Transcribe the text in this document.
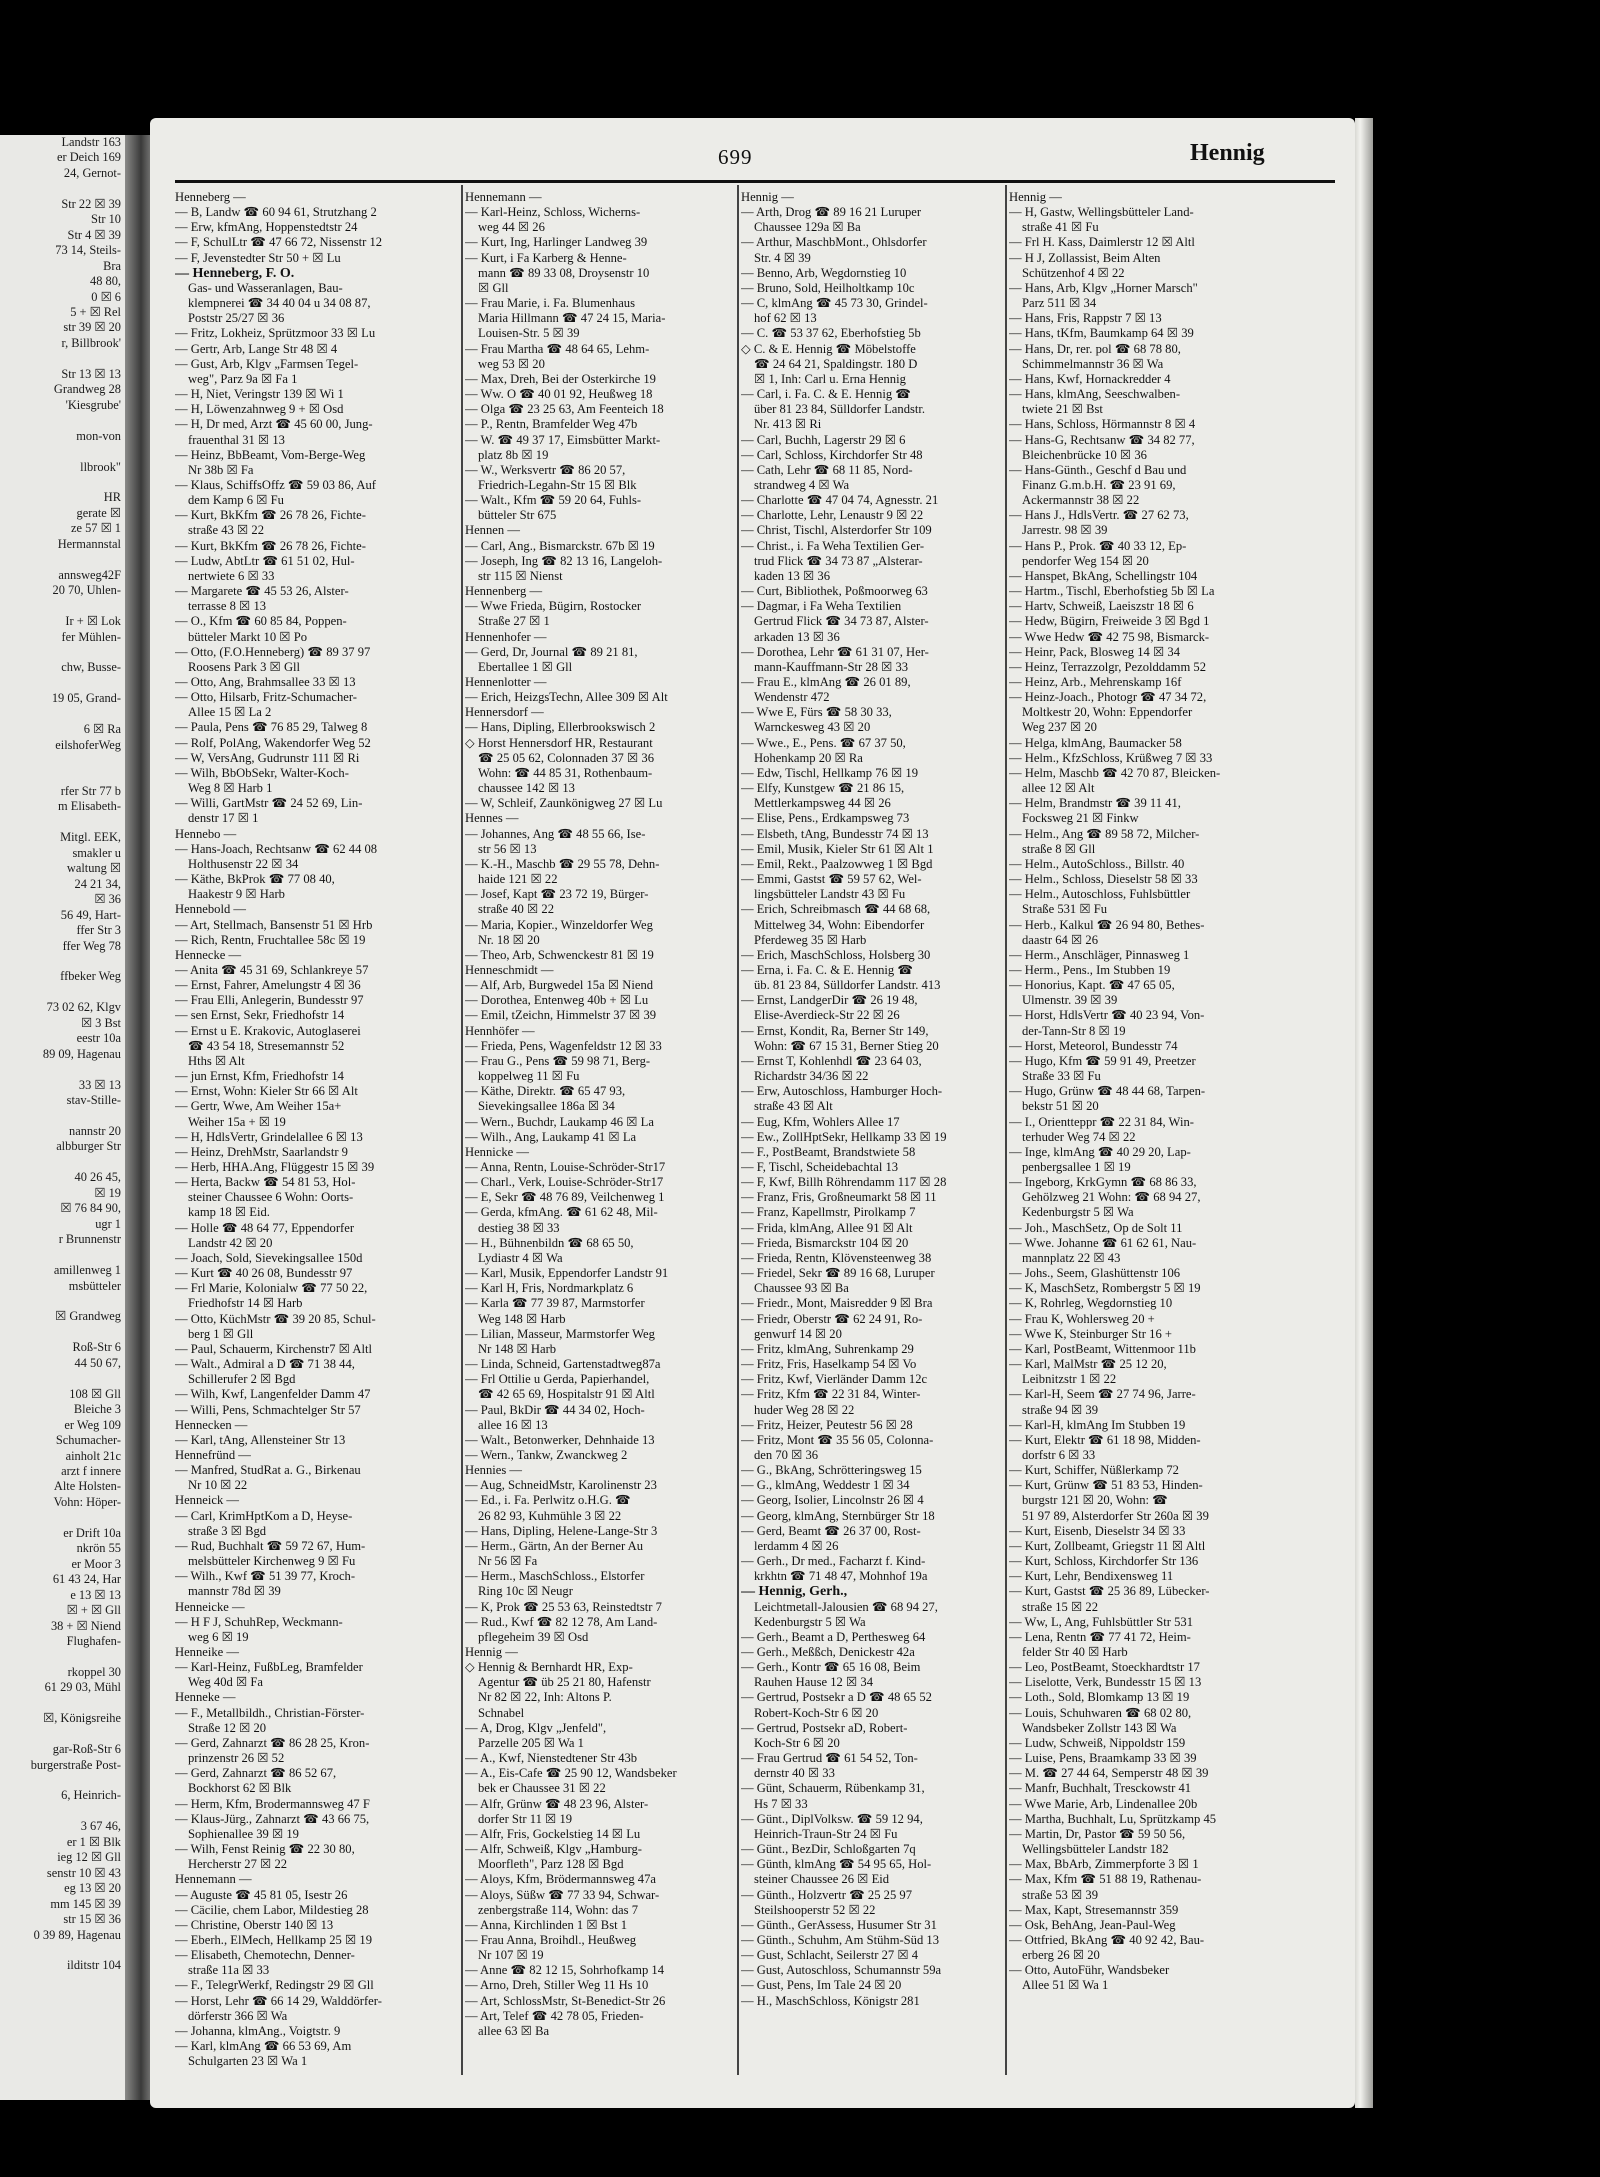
Landstr 163
er Deich 169
24, Gernot-

Str 22 ☒ 39
Str 10
Str 4 ☒ 39
73 14, Steils-
Bra
48 80,
0 ☒ 6
5 + ☒ Rel
str 39 ☒ 20
r, Billbrook'

Str 13 ☒ 13
Grandweg 28
'Kiesgrube'

mon-von

llbrook"

HR
gerate ☒
ze 57 ☒ 1
Hermannstal

annsweg42F
20 70, Uhlen-

Ir + ☒ Lok
fer Mühlen-

chw, Busse-

19 05, Grand-

6 ☒ Ra
eilshoferWeg

rfer Str 77 b
m Elisabeth-

Mitgl. EEK,
smakler u
waltung ☒
24 21 34,
☒ 36
56 49, Hart-
ffer Str 3
ffer Weg 78

ffbeker Weg

73 02 62, Klgv
☒ 3 Bst
eestr 10a
89 09, Hagenau

33 ☒ 13
stav-Stille-

nannstr 20
albburger Str

40 26 45,
☒ 19
☒ 76 84 90,
ugr 1
r Brunnenstr

amillenweg 1
msbütteler

☒ Grandweg

Roß-Str 6
44 50 67,

108 ☒ Gll
Bleiche 3
er Weg 109
Schumacher-
ainholt 21c
arzt f innere
Alte Holsten-
Vohn: Höper-

er Drift 10a
nkrön 55
er Moor 3
61 43 24, Har
e 13 ☒ 13
☒ + ☒ Gll
38 + ☒ Niend
Flughafen-

rkoppel 30
61 29 03, Mühl

☒, Königsreihe

gar-Roß-Str 6
burgerstraße Post-

6, Heinrich-

3 67 46,
er 1 ☒ Blk
ieg 12 ☒ Gll
senstr 10 ☒ 43
eg 13 ☒ 20
mm 145 ☒ 39
str 15 ☒ 36
0 39 89, Hagenau

ilditstr 104
699	Hennig
Henneberg —
— B, Landw ☎ 60 94 61, Strutzhang 2
— Erw, kfmAng, Hoppenstedtstr 24
— F, SchulLtr ☎ 47 66 72, Nissenstr 12
— F, Jevenstedter Str 50 + ☒ Lu
— Henneberg, F. O.
Gas- und Wasseranlagen, Bau-
klempnerei ☎ 34 40 04 u 34 08 87,
Poststr 25/27 ☒ 36
— Fritz, Lokheiz, Sprützmoor 33 ☒ Lu
— Gertr, Arb, Lange Str 48 ☒ 4
— Gust, Arb, Klgv „Farmsen Tegel-
weg", Parz 9a ☒ Fa 1
— H, Niet, Veringstr 139 ☒ Wi 1
— H, Löwenzahnweg 9 + ☒ Osd
— H, Dr med, Arzt ☎ 45 60 00, Jung-
frauenthal 31 ☒ 13
— Heinz, BbBeamt, Vom-Berge-Weg
Nr 38b ☒ Fa
— Klaus, SchiffsOffz ☎ 59 03 86, Auf
dem Kamp 6 ☒ Fu
— Kurt, BkKfm ☎ 26 78 26, Fichte-
straße 43 ☒ 22
— Kurt, BkKfm ☎ 26 78 26, Fichte-
— Ludw, AbtLtr ☎ 61 51 02, Hul-
nertwiete 6 ☒ 33
— Margarete ☎ 45 53 26, Alster-
terrasse 8 ☒ 13
— O., Kfm ☎ 60 85 84, Poppen-
bütteler Markt 10 ☒ Po
— Otto, (F.O.Henneberg) ☎ 89 37 97
Roosens Park 3 ☒ Gll
— Otto, Ang, Brahmsallee 33 ☒ 13
— Otto, Hilsarb, Fritz-Schumacher-
Allee 15 ☒ La 2
— Paula, Pens ☎ 76 85 29, Talweg 8
— Rolf, PolAng, Wakendorfer Weg 52
— W, VersAng, Gudrunstr 111 ☒ Ri
— Wilh, BbObSekr, Walter-Koch-
Weg 8 ☒ Harb 1
— Willi, GartMstr ☎ 24 52 69, Lin-
denstr 17 ☒ 1
Hennebo —
— Hans-Joach, Rechtsanw ☎ 62 44 08
Holthusenstr 22 ☒ 34
— Käthe, BkProk ☎ 77 08 40,
Haakestr 9 ☒ Harb
Hennebold —
— Art, Stellmach, Bansenstr 51 ☒ Hrb
— Rich, Rentn, Fruchtallee 58c ☒ 19
Hennecke —
— Anita ☎ 45 31 69, Schlankreye 57
— Ernst, Fahrer, Amelungstr 4 ☒ 36
— Frau Elli, Anlegerin, Bundesstr 97
— sen Ernst, Sekr, Friedhofstr 14
— Ernst u E. Krakovic, Autoglaserei
☎ 43 54 18, Stresemannstr 52
Hths ☒ Alt
— jun Ernst, Kfm, Friedhofstr 14
— Ernst, Wohn: Kieler Str 66 ☒ Alt
— Gertr, Wwe, Am Weiher 15a+
Weiher 15a + ☒ 19
— H, HdlsVertr, Grindelallee 6 ☒ 13
— Heinz, DrehMstr, Saarlandstr 9
— Herb, HHA.Ang, Flüggestr 15 ☒ 39
— Herta, Backw ☎ 54 81 53, Hol-
steiner Chaussee 6 Wohn: Oorts-
kamp 18 ☒ Eid.
— Holle ☎ 48 64 77, Eppendorfer
Landstr 42 ☒ 20
— Joach, Sold, Sievekingsallee 150d
— Kurt ☎ 40 26 08, Bundesstr 97
— Frl Marie, Kolonialw ☎ 77 50 22,
Friedhofstr 14 ☒ Harb
— Otto, KüchMstr ☎ 39 20 85, Schul-
berg 1 ☒ Gll
— Paul, Schauerm, Kirchenstr7 ☒ Altl
— Walt., Admiral a D ☎ 71 38 44,
Schillerufer 2 ☒ Bgd
— Wilh, Kwf, Langenfelder Damm 47
— Willi, Pens, Schmachtelger Str 57
Hennecken —
— Karl, tAng, Allensteiner Str 13
Hennefründ —
— Manfred, StudRat a. G., Birkenau
Nr 10 ☒ 22
Henneick —
— Carl, KrimHptKom a D, Heyse-
straße 3 ☒ Bgd
— Rud, Buchhalt ☎ 59 72 67, Hum-
melsbütteler Kirchenweg 9 ☒ Fu
— Wilh., Kwf ☎ 51 39 77, Kroch-
mannstr 78d ☒ 39
Henneicke —
— H F J, SchuhRep, Weckmann-
weg 6 ☒ 19
Henneike —
— Karl-Heinz, FußbLeg, Bramfelder
Weg 40d ☒ Fa
Henneke —
— F., Metallbildh., Christian-Förster-
Straße 12 ☒ 20
— Gerd, Zahnarzt ☎ 86 28 25, Kron-
prinzenstr 26 ☒ 52
— Gerd, Zahnarzt ☎ 86 52 67,
Bockhorst 62 ☒ Blk
— Herm, Kfm, Brodermannsweg 47 F
— Klaus-Jürg., Zahnarzt ☎ 43 66 75,
Sophienallee 39 ☒ 19
— Wilh, Fenst Reinig ☎ 22 30 80,
Hercherstr 27 ☒ 22
Hennemann —
— Auguste ☎ 45 81 05, Isestr 26
— Cäcilie, chem Labor, Mildestieg 28
— Christine, Oberstr 140 ☒ 13
— Eberh., ElMech, Hellkamp 25 ☒ 19
— Elisabeth, Chemotechn, Denner-
straße 11a ☒ 33
— F., TelegrWerkf, Redingstr 29 ☒ Gll
— Horst, Lehr ☎ 66 14 29, Walddörfer-
dörferstr 366 ☒ Wa
— Johanna, klmAng., Voigtstr. 9
— Karl, klmAng ☎ 66 53 69, Am
Schulgarten 23 ☒ Wa 1
Hennemann —
— Karl-Heinz, Schloss, Wicherns-
weg 44 ☒ 26
— Kurt, Ing, Harlinger Landweg 39
— Kurt, i Fa Karberg & Henne-
mann ☎ 89 33 08, Droysenstr 10
☒ Gll
— Frau Marie, i. Fa. Blumenhaus
Maria Hillmann ☎ 47 24 15, Maria-
Louisen-Str. 5 ☒ 39
— Frau Martha ☎ 48 64 65, Lehm-
weg 53 ☒ 20
— Max, Dreh, Bei der Osterkirche 19
— Ww. O ☎ 40 01 92, Heußweg 18
— Olga ☎ 23 25 63, Am Feenteich 18
— P., Rentn, Bramfelder Weg 47b
— W. ☎ 49 37 17, Eimsbütter Markt-
platz 8b ☒ 19
— W., Werksvertr ☎ 86 20 57,
Friedrich-Legahn-Str 15 ☒ Blk
— Walt., Kfm ☎ 59 20 64, Fuhls-
bütteler Str 675
Hennen —
— Carl, Ang., Bismarckstr. 67b ☒ 19
— Joseph, Ing ☎ 82 13 16, Langeloh-
str 115 ☒ Nienst
Hennenberg —
— Wwe Frieda, Bügirn, Rostocker
Straße 27 ☒ 1
Hennenhofer —
— Gerd, Dr, Journal ☎ 89 21 81,
Ebertallee 1 ☒ Gll
Hennenlotter —
— Erich, HeizgsTechn, Allee 309 ☒ Alt
Hennersdorf —
— Hans, Dipling, Ellerbrookswisch 2
◇ Horst Hennersdorf HR, Restaurant
☎ 25 05 62, Colonnaden 37 ☒ 36
Wohn: ☎ 44 85 31, Rothenbaum-
chaussee 142 ☒ 13
— W, Schleif, Zaunkönigweg 27 ☒ Lu
Hennes —
— Johannes, Ang ☎ 48 55 66, Ise-
str 56 ☒ 13
— K.-H., Maschb ☎ 29 55 78, Dehn-
haide 121 ☒ 22
— Josef, Kapt ☎ 23 72 19, Bürger-
straße 40 ☒ 22
— Maria, Kopier., Winzeldorfer Weg
Nr. 18 ☒ 20
— Theo, Arb, Schwenckestr 81 ☒ 19
Henneschmidt —
— Alf, Arb, Burgwedel 15a ☒ Niend
— Dorothea, Entenweg 40b + ☒ Lu
— Emil, tZeichn, Himmelstr 37 ☒ 39
Hennhöfer —
— Frieda, Pens, Wagenfeldstr 12 ☒ 33
— Frau G., Pens ☎ 59 98 71, Berg-
koppelweg 11 ☒ Fu
— Käthe, Direktr. ☎ 65 47 93,
Sievekingsallee 186a ☒ 34
— Wern., Buchdr, Laukamp 46 ☒ La
— Wilh., Ang, Laukamp 41 ☒ La
Hennicke —
— Anna, Rentn, Louise-Schröder-Str17
— Charl., Verk, Louise-Schröder-Str17
— E, Sekr ☎ 48 76 89, Veilchenweg 1
— Gerda, kfmAng. ☎ 61 62 48, Mil-
destieg 38 ☒ 33
— H., Bühnenbildn ☎ 68 65 50,
Lydiastr 4 ☒ Wa
— Karl, Musik, Eppendorfer Landstr 91
— Karl H, Fris, Nordmarkplatz 6
— Karla ☎ 77 39 87, Marmstorfer
Weg 148 ☒ Harb
— Lilian, Masseur, Marmstorfer Weg
Nr 148 ☒ Harb
— Linda, Schneid, Gartenstadtweg87a
— Frl Ottilie u Gerda, Papierhandel,
☎ 42 65 69, Hospitalstr 91 ☒ Altl
— Paul, BkDir ☎ 44 34 02, Hoch-
allee 16 ☒ 13
— Walt., Betonwerker, Dehnhaide 13
— Wern., Tankw, Zwanckweg 2
Hennies —
— Aug, SchneidMstr, Karolinenstr 23
— Ed., i. Fa. Perlwitz o.H.G. ☎
26 82 93, Kuhmühle 3 ☒ 22
— Hans, Dipling, Helene-Lange-Str 3
— Herm., Gärtn, An der Berner Au
Nr 56 ☒ Fa
— Herm., MaschSchloss., Elstorfer
Ring 10c ☒ Neugr
— K, Prok ☎ 25 53 63, Reinstedtstr 7
— Rud., Kwf ☎ 82 12 78, Am Land-
pflegeheim 39 ☒ Osd
Hennig —
◇ Hennig & Bernhardt HR, Exp-
Agentur ☎ üb 25 21 80, Hafenstr
Nr 82 ☒ 22, Inh: Altons P.
Schnabel
— A, Drog, Klgv „Jenfeld",
Parzelle 205 ☒ Wa 1
— A., Kwf, Nienstedtener Str 43b
— A., Eis-Cafe ☎ 25 90 12, Wandsbeker
bek er Chaussee 31 ☒ 22
— Alfr, Grünw ☎ 48 23 96, Alster-
dorfer Str 11 ☒ 19
— Alfr, Fris, Gockelstieg 14 ☒ Lu
— Alfr, Schweiß, Klgv „Hamburg-
Moorfleth", Parz 128 ☒ Bgd
— Aloys, Kfm, Brödermannsweg 47a
— Aloys, Süßw ☎ 77 33 94, Schwar-
zenbergstraße 114, Wohn: das 7
— Anna, Kirchlinden 1 ☒ Bst 1
— Frau Anna, Broihdl., Heußweg
Nr 107 ☒ 19
— Anne ☎ 82 12 15, Sohrhofkamp 14
— Arno, Dreh, Stiller Weg 11 Hs 10
— Art, SchlossMstr, St-Benedict-Str 26
— Art, Telef ☎ 42 78 05, Frieden-
allee 63 ☒ Ba
Hennig —
— Arth, Drog ☎ 89 16 21 Luruper
Chaussee 129a ☒ Ba
— Arthur, MaschbMont., Ohlsdorfer
Str. 4 ☒ 39
— Benno, Arb, Wegdornstieg 10
— Bruno, Sold, Heilholtkamp 10c
— C, klmAng ☎ 45 73 30, Grindel-
hof 62 ☒ 13
— C. ☎ 53 37 62, Eberhofstieg 5b
◇ C. & E. Hennig ☎ Möbelstoffe
☎ 24 64 21, Spaldingstr. 180 D
☒ 1, Inh: Carl u. Erna Hennig
— Carl, i. Fa. C. & E. Hennig ☎
über 81 23 84, Sülldorfer Landstr.
Nr. 413 ☒ Ri
— Carl, Buchh, Lagerstr 29 ☒ 6
— Carl, Schloss, Kirchdorfer Str 48
— Cath, Lehr ☎ 68 11 85, Nord-
strandweg 4 ☒ Wa
— Charlotte ☎ 47 04 74, Agnesstr. 21
— Charlotte, Lehr, Lenaustr 9 ☒ 22
— Christ, Tischl, Alsterdorfer Str 109
— Christ., i. Fa Weha Textilien Ger-
trud Flick ☎ 34 73 87 „Alsterar-
kaden 13 ☒ 36
— Curt, Bibliothek, Poßmoorweg 63
— Dagmar, i Fa Weha Textilien
Gertrud Flick ☎ 34 73 87, Alster-
arkaden 13 ☒ 36
— Dorothea, Lehr ☎ 61 31 07, Her-
mann-Kauffmann-Str 28 ☒ 33
— Frau E., klmAng ☎ 26 01 89,
Wendenstr 472
— Wwe E, Fürs ☎ 58 30 33,
Warnckesweg 43 ☒ 20
— Wwe., E., Pens. ☎ 67 37 50,
Hohenkamp 20 ☒ Ra
— Edw, Tischl, Hellkamp 76 ☒ 19
— Elfy, Kunstgew ☎ 21 86 15,
Mettlerkampsweg 44 ☒ 26
— Elise, Pens., Erdkampsweg 73
— Elsbeth, tAng, Bundesstr 74 ☒ 13
— Emil, Musik, Kieler Str 61 ☒ Alt 1
— Emil, Rekt., Paalzowweg 1 ☒ Bgd
— Emmi, Gastst ☎ 59 57 62, Wel-
lingsbütteler Landstr 43 ☒ Fu
— Erich, Schreibmasch ☎ 44 68 68,
Mittelweg 34, Wohn: Eibendorfer
Pferdeweg 35 ☒ Harb
— Erich, MaschSchloss, Holsberg 30
— Erna, i. Fa. C. & E. Hennig ☎
üb. 81 23 84, Sülldorfer Landstr. 413
— Ernst, LandgerDir ☎ 26 19 48,
Elise-Averdieck-Str 22 ☒ 26
— Ernst, Kondit, Ra, Berner Str 149,
Wohn: ☎ 67 15 31, Berner Stieg 20
— Ernst T, Kohlenhdl ☎ 23 64 03,
Richardstr 34/36 ☒ 22
— Erw, Autoschloss, Hamburger Hoch-
straße 43 ☒ Alt
— Eug, Kfm, Wohlers Allee 17
— Ew., ZollHptSekr, Hellkamp 33 ☒ 19
— F., PostBeamt, Brandstwiete 58
— F, Tischl, Scheidebachtal 13
— F, Kwf, Billh Röhrendamm 117 ☒ 28
— Franz, Fris, Großneumarkt 58 ☒ 11
— Franz, Kapellmstr, Pirolkamp 7
— Frida, klmAng, Allee 91 ☒ Alt
— Frieda, Bismarckstr 104 ☒ 20
— Frieda, Rentn, Klövensteenweg 38
— Friedel, Sekr ☎ 89 16 68, Luruper
Chaussee 93 ☒ Ba
— Friedr., Mont, Maisredder 9 ☒ Bra
— Friedr, Oberstr ☎ 62 24 91, Ro-
genwurf 14 ☒ 20
— Fritz, klmAng, Suhrenkamp 29
— Fritz, Fris, Haselkamp 54 ☒ Vo
— Fritz, Kwf, Vierländer Damm 12c
— Fritz, Kfm ☎ 22 31 84, Winter-
huder Weg 28 ☒ 22
— Fritz, Heizer, Peutestr 56 ☒ 28
— Fritz, Mont ☎ 35 56 05, Colonna-
den 70 ☒ 36
— G., BkAng, Schrötteringsweg 15
— G., klmAng, Weddestr 1 ☒ 34
— Georg, Isolier, Lincolnstr 26 ☒ 4
— Georg, klmAng, Sternbürger Str 18
— Gerd, Beamt ☎ 26 37 00, Rost-
lerdamm 4 ☒ 26
— Gerh., Dr med., Facharzt f. Kind-
krkhtn ☎ 71 48 47, Mohnhof 19a
— Hennig, Gerh.,
Leichtmetall-Jalousien ☎ 68 94 27,
Kedenburgstr 5 ☒ Wa
— Gerh., Beamt a D, Perthesweg 64
— Gerh., Meßßch, Denickestr 42a
— Gerh., Kontr ☎ 65 16 08, Beim
Rauhen Hause 12 ☒ 34
— Gertrud, Postsekr a D ☎ 48 65 52
Robert-Koch-Str 6 ☒ 20
— Gertrud, Postsekr aD, Robert-
Koch-Str 6 ☒ 20
— Frau Gertrud ☎ 61 54 52, Ton-
dernstr 40 ☒ 33
— Günt, Schauerm, Rübenkamp 31,
Hs 7 ☒ 33
— Günt., DiplVolksw. ☎ 59 12 94,
Heinrich-Traun-Str 24 ☒ Fu
— Günt., BezDir, Schloßgarten 7q
— Günth, klmAng ☎ 54 95 65, Hol-
steiner Chaussee 26 ☒ Eid
— Günth., Holzvertr ☎ 25 25 97
Steilshooperstr 52 ☒ 22
— Günth., GerAssess, Husumer Str 31
— Günth., Schuhm, Am Stühm-Süd 13
— Gust, Schlacht, Seilerstr 27 ☒ 4
— Gust, Autoschloss, Schumannstr 59a
— Gust, Pens, Im Tale 24 ☒ 20
— H., MaschSchloss, Königstr 281
Hennig —
— H, Gastw, Wellingsbütteler Land-
straße 41 ☒ Fu
— Frl H. Kass, Daimlerstr 12 ☒ Altl
— H J, Zollassist, Beim Alten
Schützenhof 4 ☒ 22
— Hans, Arb, Klgv „Horner Marsch"
Parz 511 ☒ 34
— Hans, Fris, Rappstr 7 ☒ 13
— Hans, tKfm, Baumkamp 64 ☒ 39
— Hans, Dr, rer. pol ☎ 68 78 80,
Schimmelmannstr 36 ☒ Wa
— Hans, Kwf, Hornackredder 4
— Hans, klmAng, Seeschwalben-
twiete 21 ☒ Bst
— Hans, Schloss, Hörmannstr 8 ☒ 4
— Hans-G, Rechtsanw ☎ 34 82 77,
Bleichenbrücke 10 ☒ 36
— Hans-Günth., Geschf d Bau und
Finanz G.m.b.H. ☎ 23 91 69,
Ackermannstr 38 ☒ 22
— Hans J., HdlsVertr. ☎ 27 62 73,
Jarrestr. 98 ☒ 39
— Hans P., Prok. ☎ 40 33 12, Ep-
pendorfer Weg 154 ☒ 20
— Hanspet, BkAng, Schellingstr 104
— Hartm., Tischl, Eberhofstieg 5b ☒ La
— Hartv, Schweiß, Laeiszstr 18 ☒ 6
— Hedw, Bügirn, Freiweide 3 ☒ Bgd 1
— Wwe Hedw ☎ 42 75 98, Bismarck-
— Heinr, Pack, Blosweg 14 ☒ 34
— Heinz, Terrazzolgr, Pezolddamm 52
— Heinz, Arb., Mehrenskamp 16f
— Heinz-Joach., Photogr ☎ 47 34 72,
Moltkestr 20, Wohn: Eppendorfer
Weg 237 ☒ 20
— Helga, klmAng, Baumacker 58
— Helm., KfzSchloss, Krüßweg 7 ☒ 33
— Helm, Maschb ☎ 42 70 87, Bleicken-
allee 12 ☒ Alt
— Helm, Brandmstr ☎ 39 11 41,
Focksweg 21 ☒ Finkw
— Helm., Ang ☎ 89 58 72, Milcher-
straße 8 ☒ Gll
— Helm., AutoSchloss., Billstr. 40
— Helm., Schloss, Dieselstr 58 ☒ 33
— Helm., Autoschloss, Fuhlsbüttler
Straße 531 ☒ Fu
— Herb., Kalkul ☎ 26 94 80, Bethes-
daastr 64 ☒ 26
— Herm., Anschläger, Pinnasweg 1
— Herm., Pens., Im Stubben 19
— Honorius, Kapt. ☎ 47 65 05,
Ulmenstr. 39 ☒ 39
— Horst, HdlsVertr ☎ 40 23 94, Von-
der-Tann-Str 8 ☒ 19
— Horst, Meteorol, Bundesstr 74
— Hugo, Kfm ☎ 59 91 49, Preetzer
Straße 33 ☒ Fu
— Hugo, Grünw ☎ 48 44 68, Tarpen-
bekstr 51 ☒ 20
— I., Orientteppr ☎ 22 31 84, Win-
terhuder Weg 74 ☒ 22
— Inge, klmAng ☎ 40 29 20, Lap-
penbergsallee 1 ☒ 19
— Ingeborg, KrkGymn ☎ 68 86 33,
Gehölzweg 21 Wohn: ☎ 68 94 27,
Kedenburgstr 5 ☒ Wa
— Joh., MaschSetz, Op de Solt 11
— Wwe. Johanne ☎ 61 62 61, Nau-
mannplatz 22 ☒ 43
— Johs., Seem, Glashüttenstr 106
— K, MaschSetz, Rombergstr 5 ☒ 19
— K, Rohrleg, Wegdornstieg 10
— Frau K, Wohlersweg 20 +
— Wwe K, Steinburger Str 16 +
— Karl, PostBeamt, Wittenmoor 11b
— Karl, MalMstr ☎ 25 12 20,
Leibnitzstr 1 ☒ 22
— Karl-H, Seem ☎ 27 74 96, Jarre-
straße 94 ☒ 39
— Karl-H, klmAng Im Stubben 19
— Kurt, Elektr ☎ 61 18 98, Midden-
dorfstr 6 ☒ 33
— Kurt, Schiffer, Nüßlerkamp 72
— Kurt, Grünw ☎ 51 83 53, Hinden-
burgstr 121 ☒ 20, Wohn: ☎
51 97 89, Alsterdorfer Str 260a ☒ 39
— Kurt, Eisenb, Dieselstr 34 ☒ 33
— Kurt, Zollbeamt, Griegstr 11 ☒ Altl
— Kurt, Schloss, Kirchdorfer Str 136
— Kurt, Lehr, Bendixensweg 11
— Kurt, Gastst ☎ 25 36 89, Lübecker-
straße 15 ☒ 22
— Ww, L, Ang, Fuhlsbüttler Str 531
— Lena, Rentn ☎ 77 41 72, Heim-
felder Str 40 ☒ Harb
— Leo, PostBeamt, Stoeckhardtstr 17
— Liselotte, Verk, Bundesstr 15 ☒ 13
— Loth., Sold, Blomkamp 13 ☒ 19
— Louis, Schuhwaren ☎ 68 02 80,
Wandsbeker Zollstr 143 ☒ Wa
— Ludw, Schweiß, Nippoldstr 159
— Luise, Pens, Braamkamp 33 ☒ 39
— M. ☎ 27 44 64, Semperstr 48 ☒ 39
— Manfr, Buchhalt, Tresckowstr 41
— Wwe Marie, Arb, Lindenallee 20b
— Martha, Buchhalt, Lu, Sprützkamp 45
— Martin, Dr, Pastor ☎ 59 50 56,
Wellingsbütteler Landstr 182
— Max, BbArb, Zimmerpforte 3 ☒ 1
— Max, Kfm ☎ 51 88 19, Rathenau-
straße 53 ☒ 39
— Max, Kapt, Stresemannstr 359
— Osk, BehAng, Jean-Paul-Weg
— Ottfried, BkAng ☎ 40 92 42, Bau-
erberg 26 ☒ 20
— Otto, AutoFühr, Wandsbeker
Allee 51 ☒ Wa 1
